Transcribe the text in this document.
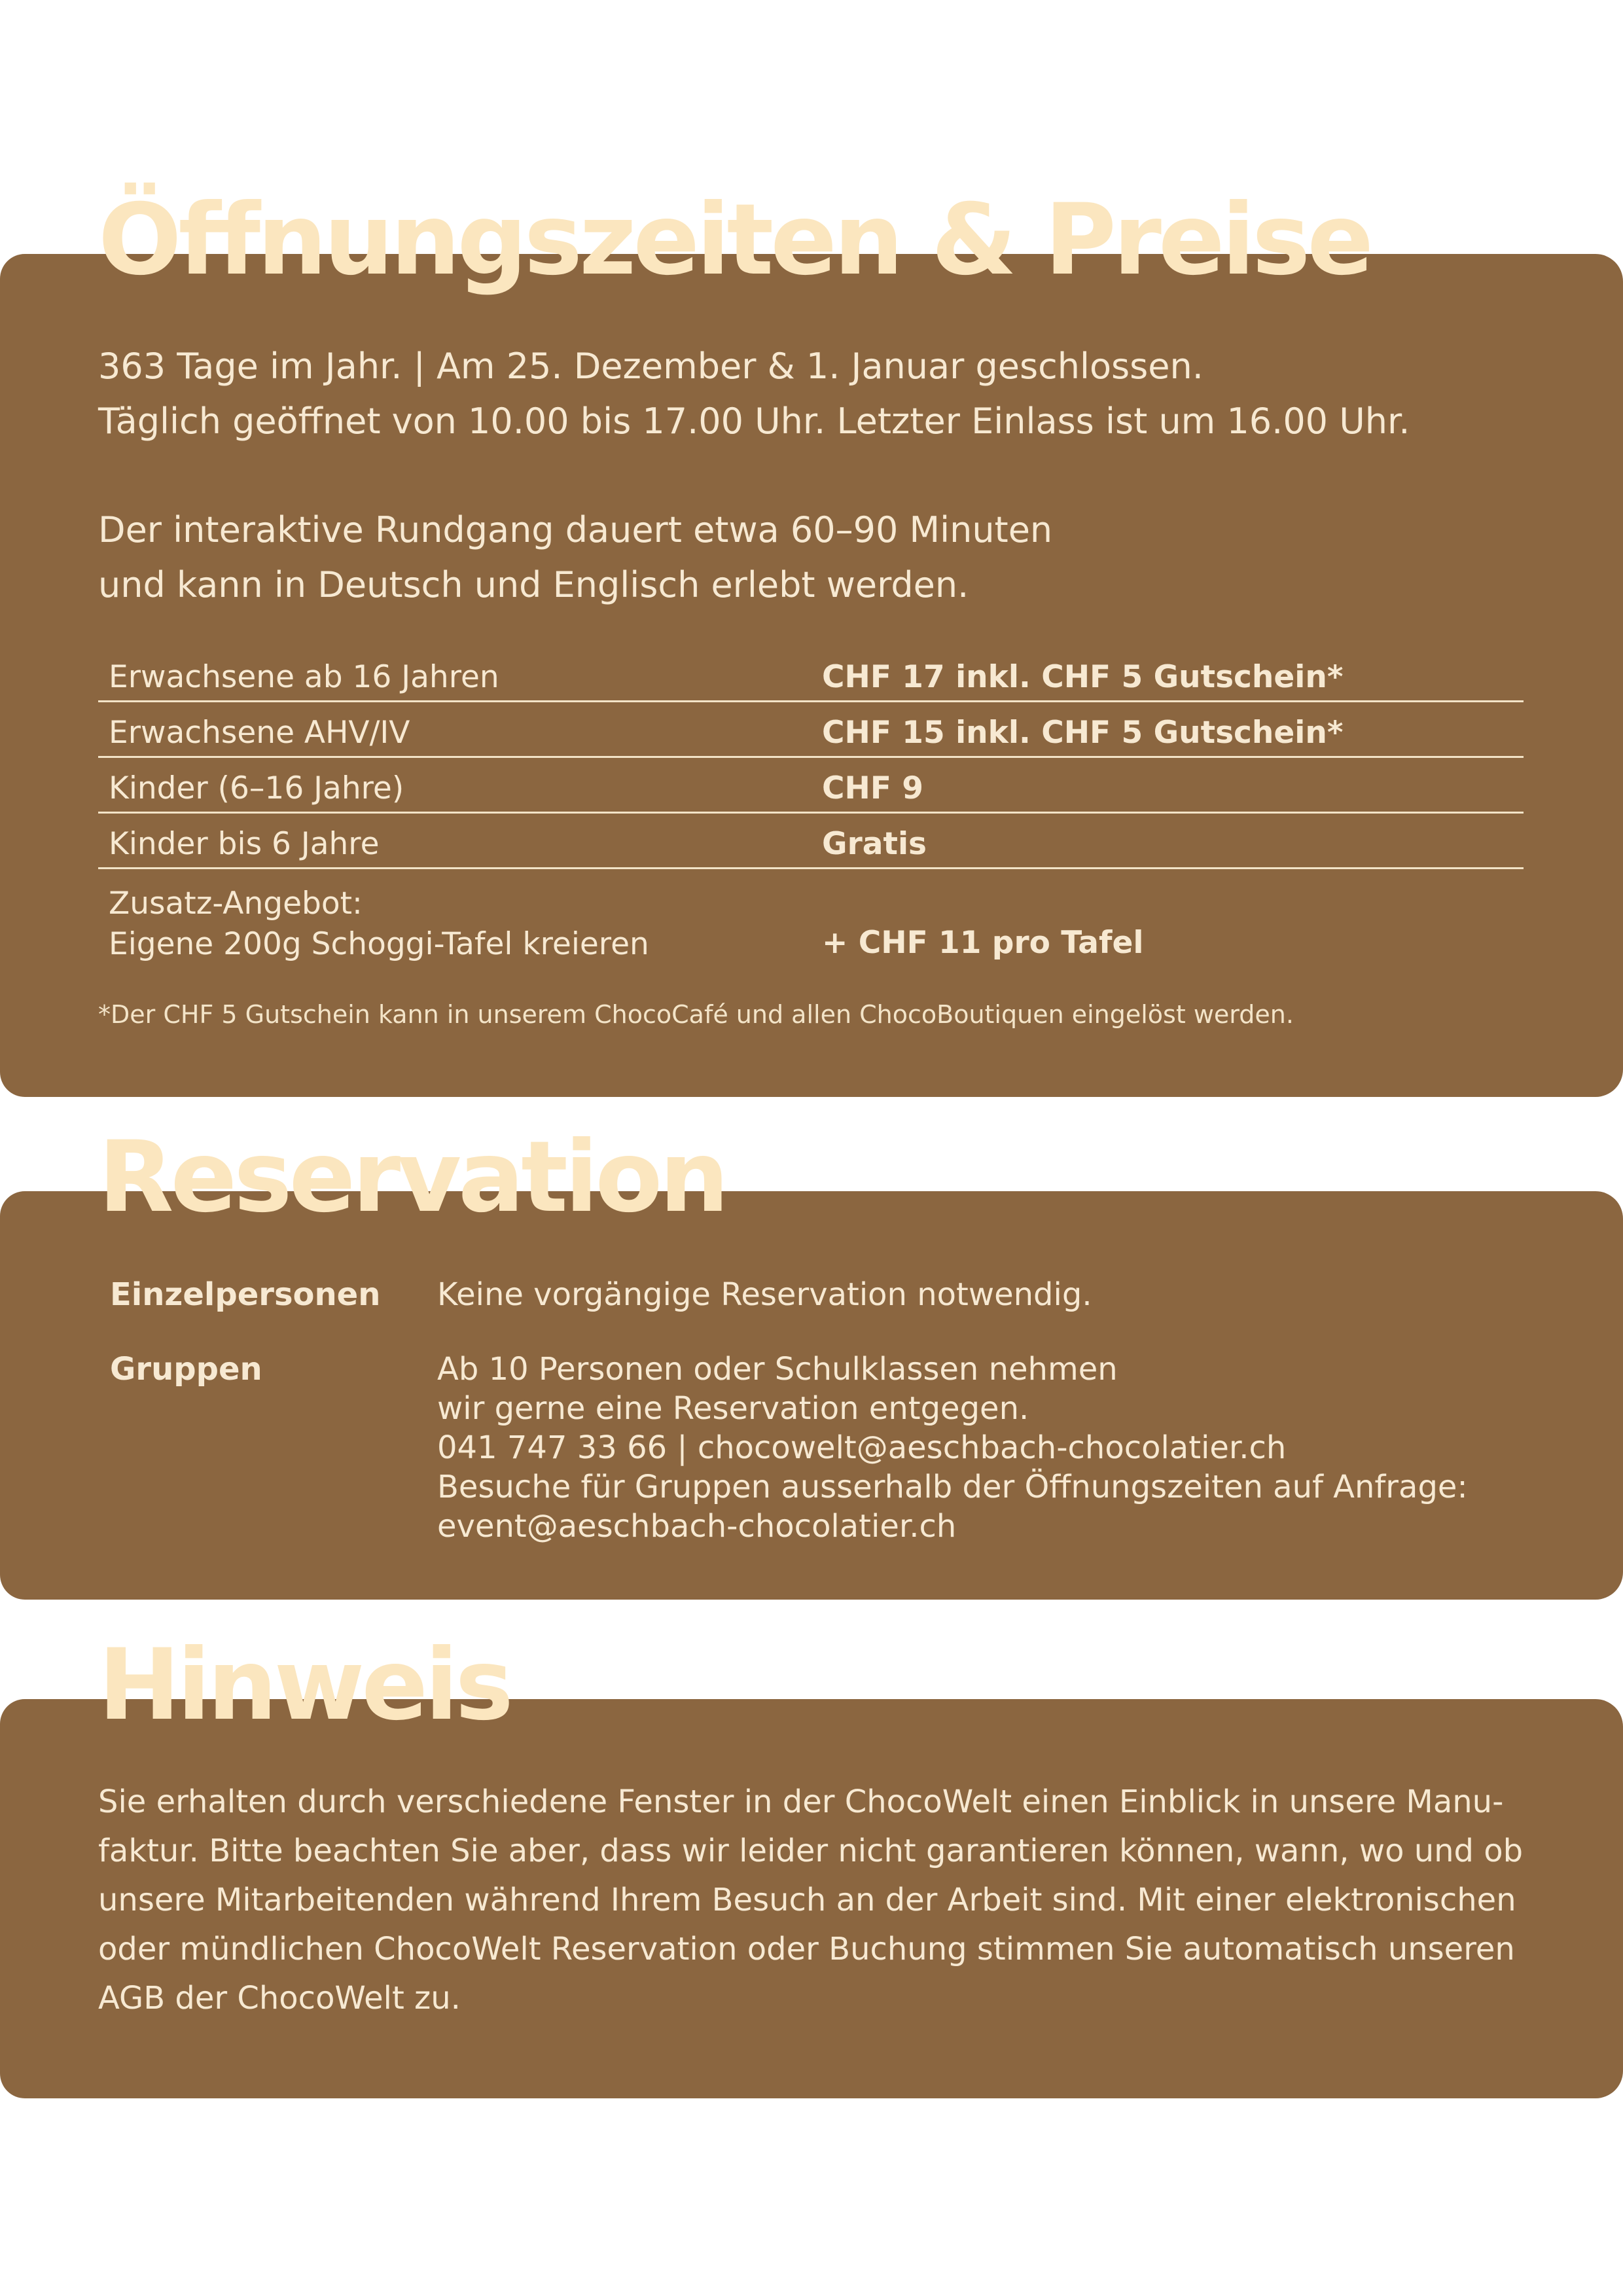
363 Tage im Jahr. | Am 25. Dezember & 1. Januar geschlossen.

Täglich geöffnet von 10.00 bis 17.00 Uhr. Letzter Einlass ist um 16.00 Uhr.

Der interaktive Rundgang dauert etwa 60–90 Minuten

und kann in Deutsch und Englisch erlebt werden.

Erwachsene ab 16 Jahren	CHF 17 inkl. CHF 5 Gutschein*
Erwachsene AHV/IV	CHF 15 inkl. CHF 5 Gutschein*
Kinder (6–16 Jahre)	CHF 9
Kinder bis 6 Jahre	Gratis
Zusatz-Angebot:
Eigene 200g Schoggi-Tafel kreieren	+ CHF 11 pro Tafel
*Der CHF 5 Gutschein kann in unserem ChocoCafé und allen ChocoBoutiquen eingelöst werden.
Öffnungszeiten & Preise
Einzelpersonen Keine vorgängige Reservation notwendig.
Gruppen	Ab 10 Personen oder Schulklassen nehmen

wir gerne eine Reservation entgegen.

041 747 33 66 | chocowelt@aeschbach-chocolatier.ch

Besuche für Gruppen ausserhalb der Öffnungszeiten auf Anfrage:

event@aeschbach-chocolatier.ch

Reservation

Sie erhalten durch verschiedene Fenster in der ChocoWelt einen Einblick in unsere Manu-

faktur. Bitte beachten Sie aber, dass wir leider nicht garantieren können, wann, wo und ob

unsere Mitarbeitenden während Ihrem Besuch an der Arbeit sind. Mit einer elektronischen

oder mündlichen ChocoWelt Reservation oder Buchung stimmen Sie automatisch unseren

AGB der ChocoWelt zu.

Hinweis
